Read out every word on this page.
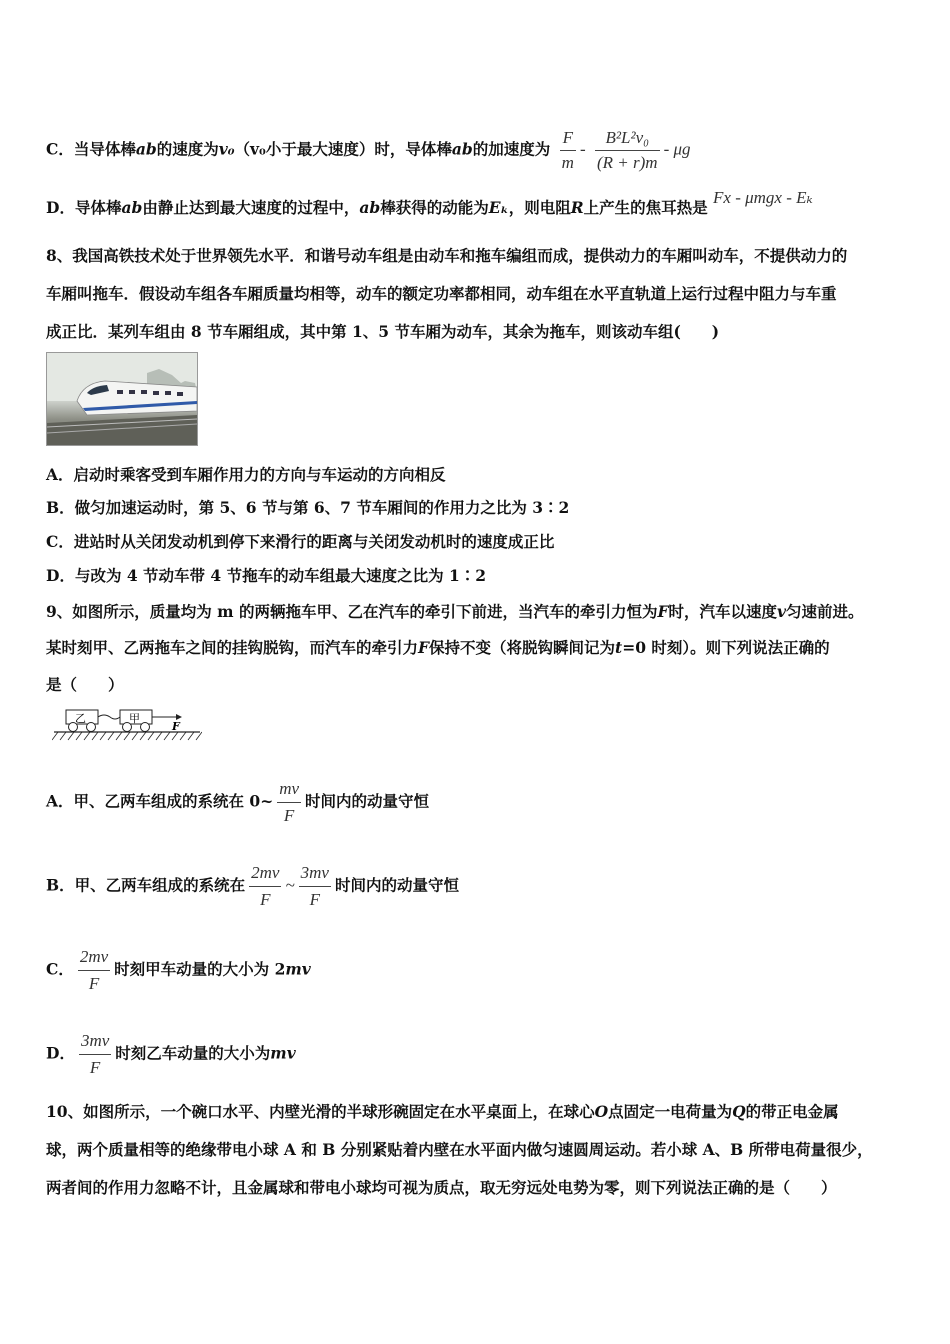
C．当导体棒ab的速度为v₀（v₀小于最大速度）时，导体棒ab的加速度为 $\frac{F}{m} - \frac{\text{B²L²v₀}}{(R + r)m}$ - μg
D．导体棒ab由静止达到最大速度的过程中，ab棒获得的动能为Eₖ，则电阻R上产生的焦耳热是 Fx - μmgx - Eₖ
8、我国高铁技术处于世界领先水平．和谐号动车组是由动车和拖车编组而成，提供动力的车厢叫动车，不提供动力的
车厢叫拖车．假设动车组各车厢质量均相等，动车的额定功率都相同，动车组在水平直轨道上运行过程中阻力与车重
成正比．某列车组由 8 节车厢组成，其中第 1、5 节车厢为动车，其余为拖车，则该动车组(　　)
A．启动时乘客受到车厢作用力的方向与车运动的方向相反
B．做匀加速运动时，第 5、6 节与第 6、7 节车厢间的作用力之比为 3∶2
C．进站时从关闭发动机到停下来滑行的距离与关闭发动机时的速度成正比
D．与改为 4 节动车带 4 节拖车的动车组最大速度之比为 1∶2
9、如图所示，质量均为 m 的两辆拖车甲、乙在汽车的牵引下前进，当汽车的牵引力恒为F时，汽车以速度v匀速前进。
某时刻甲、乙两拖车之间的挂钩脱钩，而汽车的牵引力F保持不变（将脱钩瞬间记为t=0 时刻）。则下列说法正确的
是（　　）
乙	甲
F
A．甲、乙两车组成的系统在 0~ $\frac{mv}{F}$ 时间内的动量守恒
B．甲、乙两车组成的系统在 $\frac{2mv}{F}$ ~ $\frac{3mv}{F}$ 时间内的动量守恒
C． $\frac{2mv}{F}$ 时刻甲车动量的大小为 2mv
D． $\frac{3mv}{F}$ 时刻乙车动量的大小为mv
10、如图所示，一个碗口水平、内壁光滑的半球形碗固定在水平桌面上，在球心O点固定一电荷量为Q的带正电金属
球，两个质量相等的绝缘带电小球 A 和 B 分别紧贴着内壁在水平面内做匀速圆周运动。若小球 A、B 所带电荷量很少，
两者间的作用力忽略不计，且金属球和带电小球均可视为质点，取无穷远处电势为零，则下列说法正确的是（　　）
